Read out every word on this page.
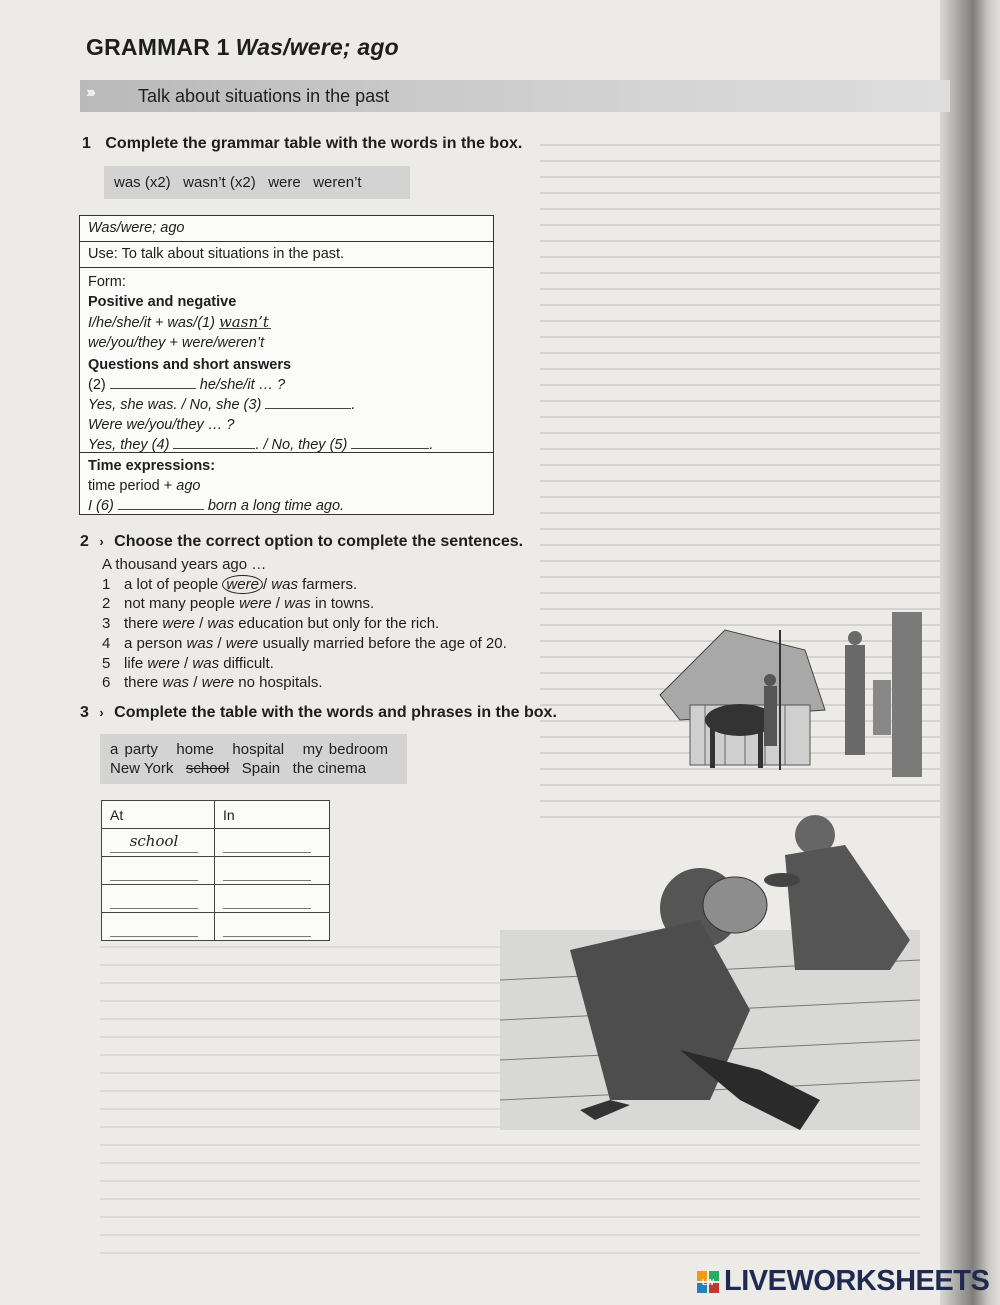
GRAMMAR 1 Was/were; ago
›››	Talk about situations in the past
1 Complete the grammar table with the words in the box.
was (x2)   wasn’t (x2)   were   weren’t
Was/were; ago
Use: To talk about situations in the past.
Form:
Positive and negative
I/he/she/it + was/(1) wasn’t
we/you/they + were/weren’t
Questions and short answers
(2)	he/she/it … ?
Yes, she was. / No, she (3)	.
Were we/you/they … ?
Yes, they (4)	. / No, they (5)	.
Time expressions:
time period + ago
I (6)	born a long time ago.
2 › Choose the correct option to complete the sentences.
A thousand years ago …
1 a lot of people were / was farmers.
2 not many people were / was in towns.
3 there were / was education but only for the rich.
4 a person was / were usually married before the age of 20.
5 life were / was difficult.
6 there was / were no hospitals.
3 › Complete the table with the words and phrases in the box.
a party home hospital my bedroom
New York school Spain the cinema
At	In

school	

LW LIVEWORKSHEETS
